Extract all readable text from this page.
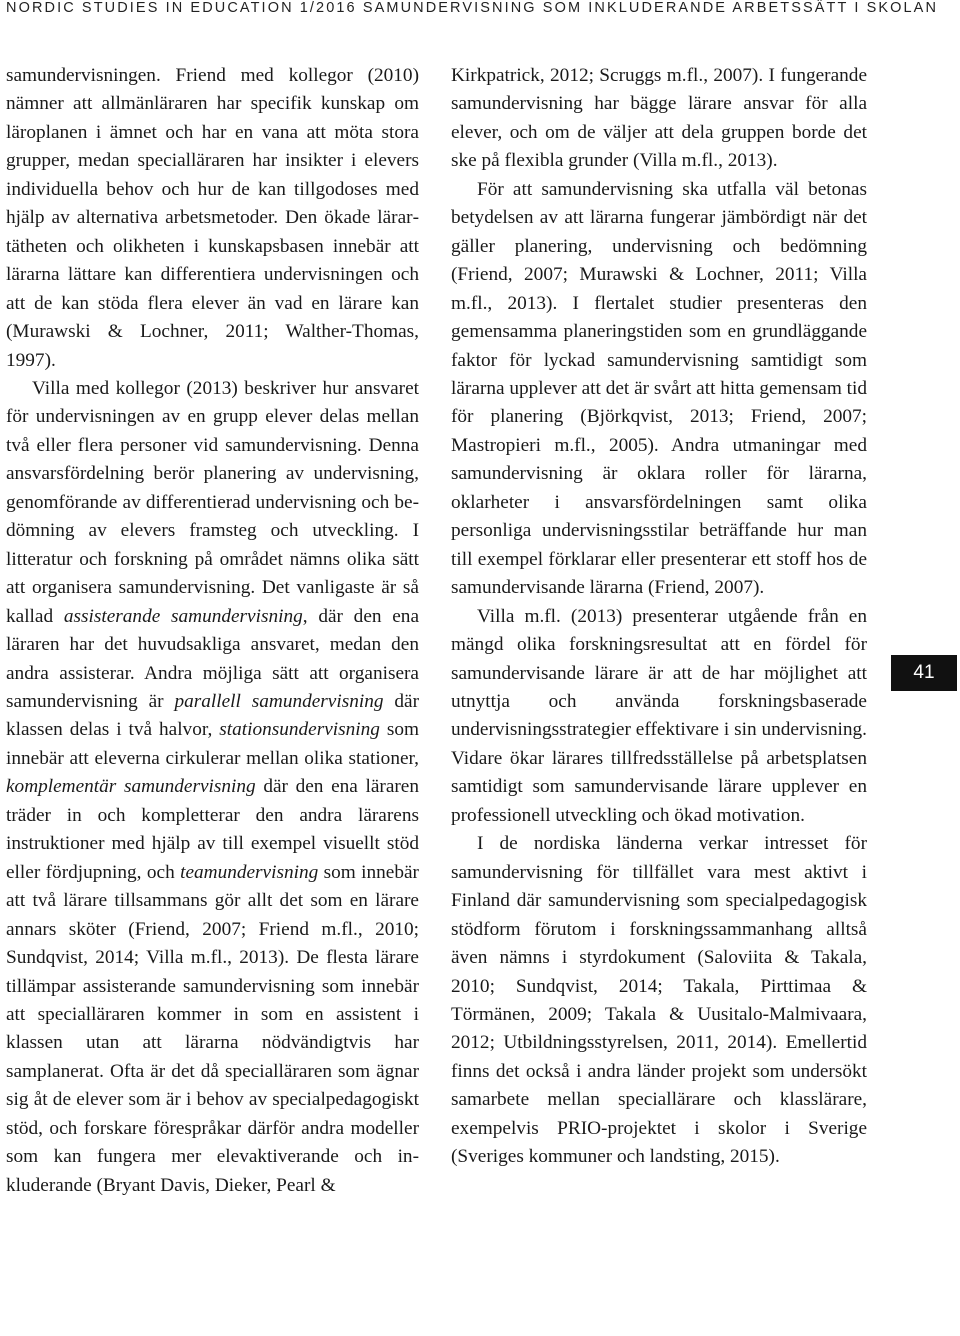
NORDIC STUDIES IN EDUCATION 1/2016 SAMUNDERVISNING SOM INKLUDERANDE ARBETSSÄTT I SKOLAN

samundervisningen. Friend med kollegor (2010) nämner att allmänläraren har specifik kunskap om läroplanen i ämnet och har en vana att möta stora grupper, medan specialläraren har insikter i elevers individuella behov och hur de kan tillgodoses med hjälp av alternativa arbetsmetoder. Den ökade lärartätheten och olikheten i kunskapsbasen innebär att lärarna lättare kan differentiera undervisningen och att de kan stöda flera elever än vad en lärare kan (Murawski & Lochner, 2011; Walther-Thomas, 1997).

Villa med kollegor (2013) beskriver hur ansvaret för undervisningen av en grupp elever delas mellan två eller flera personer vid samundervisning. Denna ansvarsfördelning berör planering av undervisning, genomförande av differentierad undervisning och bedömning av elevers framsteg och utveckling. I litteratur och forskning på området nämns olika sätt att organisera samundervisning. Det vanligaste är så kallad assisterande samundervisning, där den ena läraren har det huvudsakliga ansvaret, medan den andra assisterar. Andra möjliga sätt att organisera samundervisning är parallell samundervisning där klassen delas i två halvor, stationsundervisning som innebär att eleverna cirkulerar mellan olika stationer, komplementär samundervisning där den ena läraren träder in och kompletterar den andra lärarens instruktioner med hjälp av till exempel visuellt stöd eller fördjupning, och teamundervisning som innebär att två lärare tillsammans gör allt det som en lärare annars sköter (Friend, 2007; Friend m.fl., 2010; Sundqvist, 2014; Villa m.fl., 2013). De flesta lärare tillämpar assisterande samundervisning som innebär att specialläraren kommer in som en assistent i klassen utan att lärarna nödvändigtvis har samplanerat. Ofta är det då specialläraren som ägnar sig åt de elever som är i behov av specialpedagogiskt stöd, och forskare förespråkar därför andra modeller som kan fungera mer elevaktiverande och inkluderande (Bryant Davis, Dieker, Pearl &

Kirkpatrick, 2012; Scruggs m.fl., 2007). I fungerande samundervisning har bägge lärare ansvar för alla elever, och om de väljer att dela gruppen borde det ske på flexibla grunder (Villa m.fl., 2013).

För att samundervisning ska utfalla väl betonas betydelsen av att lärarna fungerar jämbördigt när det gäller planering, undervisning och bedömning (Friend, 2007; Murawski & Lochner, 2011; Villa m.fl., 2013). I flertalet studier presenteras den gemensamma planeringstiden som en grundläggande faktor för lyckad samundervisning samtidigt som lärarna upplever att det är svårt att hitta gemensam tid för planering (Björkqvist, 2013; Friend, 2007; Mastropieri m.fl., 2005). Andra utmaningar med samundervisning är oklara roller för lärarna, oklarheter i ansvarsfördelningen samt olika personliga undervisningsstilar beträffande hur man till exempel förklarar eller presenterar ett stoff hos de samundervisande lärarna (Friend, 2007).

Villa m.fl. (2013) presenterar utgående från en mängd olika forskningsresultat att en fördel för samundervisande lärare är att de har möjlighet att utnyttja och använda forskningsbaserade undervisningsstrategier effektivare i sin undervisning. Vidare ökar lärares tillfredsställelse på arbetsplatsen samtidigt som samundervisande lärare upplever en professionell utveckling och ökad motivation.

I de nordiska länderna verkar intresset för samundervisning för tillfället vara mest aktivt i Finland där samundervisning som specialpedagogisk stödform förutom i forskningssammanhang alltså även nämns i styrdokument (Saloviita & Takala, 2010; Sundqvist, 2014; Takala, Pirttimaa & Törmänen, 2009; Takala & Uusitalo-Malmivaara, 2012; Utbildningsstyrelsen, 2011, 2014). Emellertid finns det också i andra länder projekt som undersökt samarbete mellan speciallärare och klasslärare, exempelvis PRIO-projektet i skolor i Sverige (Sveriges kommuner och landsting, 2015).

41
